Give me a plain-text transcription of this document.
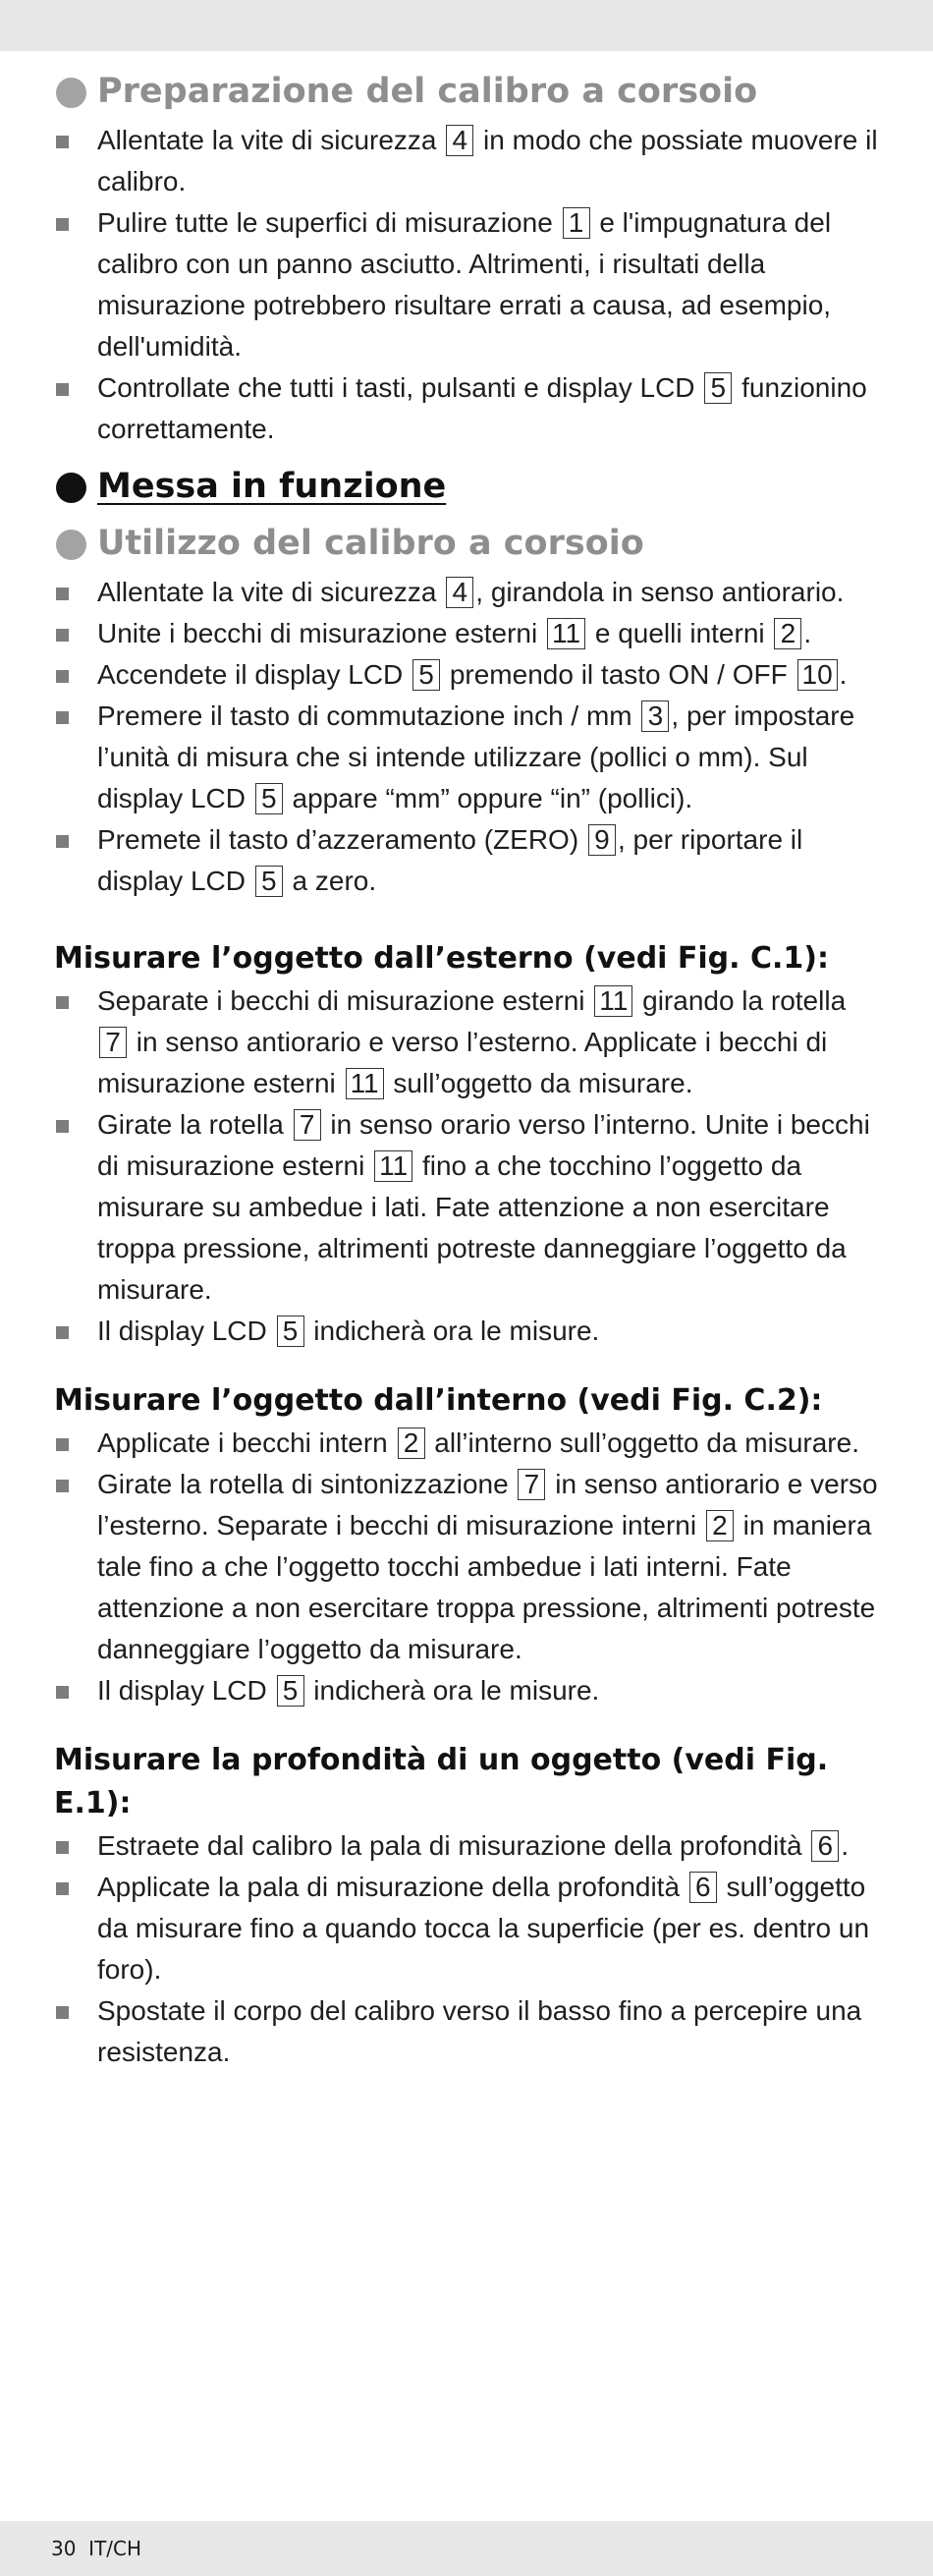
Preparazione del calibro a corsoio
Allentate la vite di sicurezza 4 in modo che possiate muovere il calibro.
Pulire tutte le superfici di misurazione 1 e l'impugnatura del calibro con un panno asciutto. Altrimenti, i risultati della misurazione potrebbero risultare errati a causa, ad esempio, dell'umidità.
Controllate che tutti i tasti, pulsanti e display LCD 5 funzionino correttamente.
Messa in funzione
Utilizzo del calibro a corsoio
Allentate la vite di sicurezza 4 , girandola in senso antiorario.
Unite i becchi di misurazione esterni 11 e quelli interni 2 .
Accendete il display LCD 5 premendo il tasto ON / OFF 10 .
Premere il tasto di commutazione inch / mm 3 , per impostare l’unità di misura che si intende utilizzare (pollici o mm). Sul display LCD 5 appare “mm” oppure “in” (pollici).
Premete il tasto d’azzeramento (ZERO) 9 , per riportare il display LCD 5 a zero.
Misurare l’oggetto dall’esterno (vedi Fig. C.1):
Separate i becchi di misurazione esterni 11 girando la rotella 7 in senso antiorario e verso l’esterno. Applicate i becchi di misurazione esterni 11 sull’oggetto da misurare.
Girate la rotella 7 in senso orario verso l’interno. Unite i becchi di misurazione esterni 11 fino a che tocchino l’oggetto da misurare su ambedue i lati. Fate attenzione a non esercitare troppa pressione, altrimenti potreste danneggiare l’oggetto da misurare.
Il display LCD 5 indicherà ora le misure.
Misurare l’oggetto dall’interno (vedi Fig. C.2):
Applicate i becchi intern 2 all’interno sull’oggetto da misurare.
Girate la rotella di sintonizzazione 7 in senso antiorario e verso l’esterno. Separate i becchi di misurazione interni 2 in maniera tale fino a che l’oggetto tocchi ambedue i lati interni. Fate attenzione a non esercitare troppa pressione, altrimenti potreste danneggiare l’oggetto da misurare.
Il display LCD 5 indicherà ora le misure.
Misurare la profondità di un oggetto (vedi Fig. E.1):
Estraete dal calibro la pala di misurazione della profondità 6 .
Applicate la pala di misurazione della profondità 6 sull’oggetto da misurare fino a quando tocca la superficie (per es. dentro un foro).
Spostate il corpo del calibro verso il basso fino a percepire una resistenza.
30 IT/CH
